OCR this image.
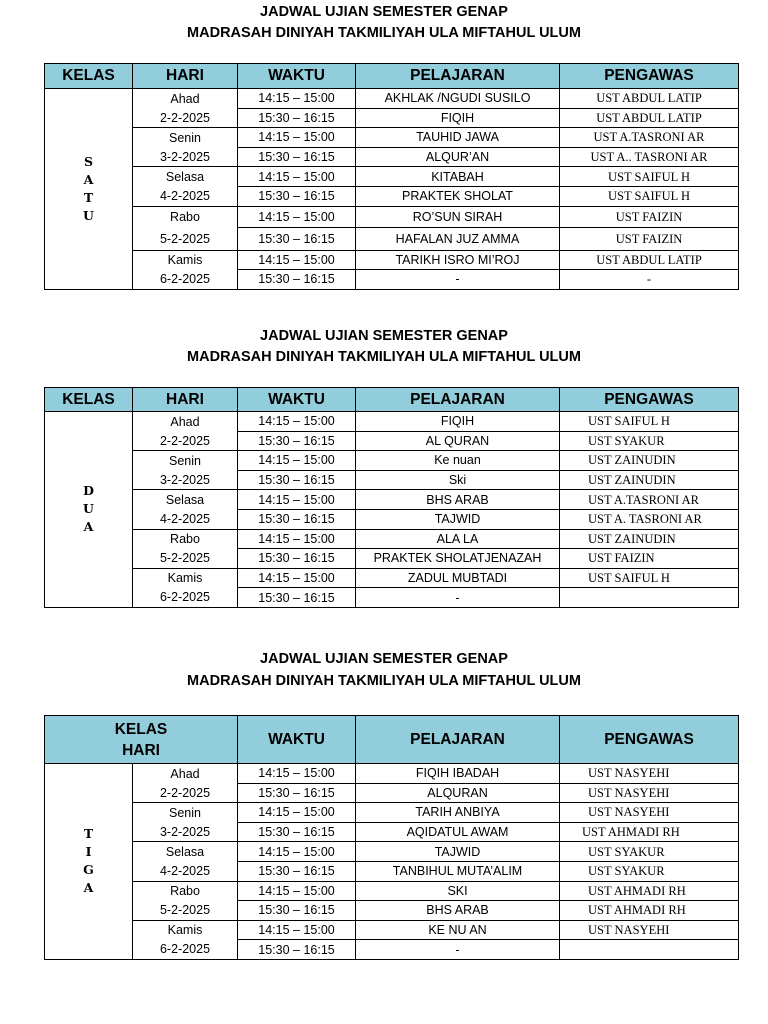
JADWAL UJIAN SEMESTER GENAP
MADRASAH DINIYAH TAKMILIYAH ULA MIFTAHUL ULUM
KELAS	HARI	WAKTU	PELAJARAN	PENGAWAS

S
A
T
U	Ahad	14:15 – 15:00	AKHLAK /NGUDI SUSILO	UST ABDUL LATIP
	2-2-2025	15:30 – 16:15	FIQIH	UST ABDUL LATIP
	Senin	14:15 – 15:00	TAUHID JAWA	UST A.TASRONI AR
	3-2-2025	15:30 – 16:15	ALQUR’AN	UST A.. TASRONI AR
	Selasa	14:15 – 15:00	KITABAH	UST SAIFUL H
	4-2-2025	15:30 – 16:15	PRAKTEK SHOLAT	UST SAIFUL H
	Rabo	14:15 – 15:00	RO’SUN SIRAH	UST FAIZIN
	5-2-2025	15:30 – 16:15	HAFALAN JUZ AMMA	UST FAIZIN
	Kamis	14:15 – 15:00	TARIKH ISRO MI’ROJ	UST ABDUL LATIP
	6-2-2025	15:30 – 16:15	-	-
JADWAL UJIAN SEMESTER GENAP
MADRASAH DINIYAH TAKMILIYAH ULA MIFTAHUL ULUM
KELAS	HARI	WAKTU	PELAJARAN	PENGAWAS

D
U
A	Ahad	14:15 – 15:00	FIQIH	UST SAIFUL H
	2-2-2025	15:30 – 16:15	AL QURAN	UST SYAKUR
	Senin	14:15 – 15:00	Ke nuan	UST ZAINUDIN
	3-2-2025	15:30 – 16:15	Ski	UST ZAINUDIN
	Selasa	14:15 – 15:00	BHS ARAB	UST A.TASRONI AR
	4-2-2025	15:30 – 16:15	TAJWID	UST A. TASRONI AR
	Rabo	14:15 – 15:00	ALA LA	UST ZAINUDIN
	5-2-2025	15:30 – 16:15	PRAKTEK SHOLATJENAZAH	UST FAIZIN
	Kamis	14:15 – 15:00	ZADUL MUBTADI	UST SAIFUL H
	6-2-2025	15:30 – 16:15	-	
JADWAL UJIAN SEMESTER GENAP
MADRASAH DINIYAH TAKMILIYAH ULA MIFTAHUL ULUM
KELAS
HARI		WAKTU	PELAJARAN	PENGAWAS

T
I
G
A	Ahad	14:15 – 15:00	FIQIH IBADAH	UST NASYEHI
	2-2-2025	15:30 – 16:15	ALQURAN	UST NASYEHI
	Senin	14:15 – 15:00	TARIH ANBIYA	UST NASYEHI
	3-2-2025	15:30 – 16:15	AQIDATUL AWAM	UST AHMADI RH
	Selasa	14:15 – 15:00	TAJWID	UST SYAKUR
	4-2-2025	15:30 – 16:15	TANBIHUL MUTA’ALIM	UST SYAKUR
	Rabo	14:15 – 15:00	SKI	UST AHMADI RH
	5-2-2025	15:30 – 16:15	BHS ARAB	UST AHMADI RH
	Kamis	14:15 – 15:00	KE NU AN	UST NASYEHI
	6-2-2025	15:30 – 16:15	-	
